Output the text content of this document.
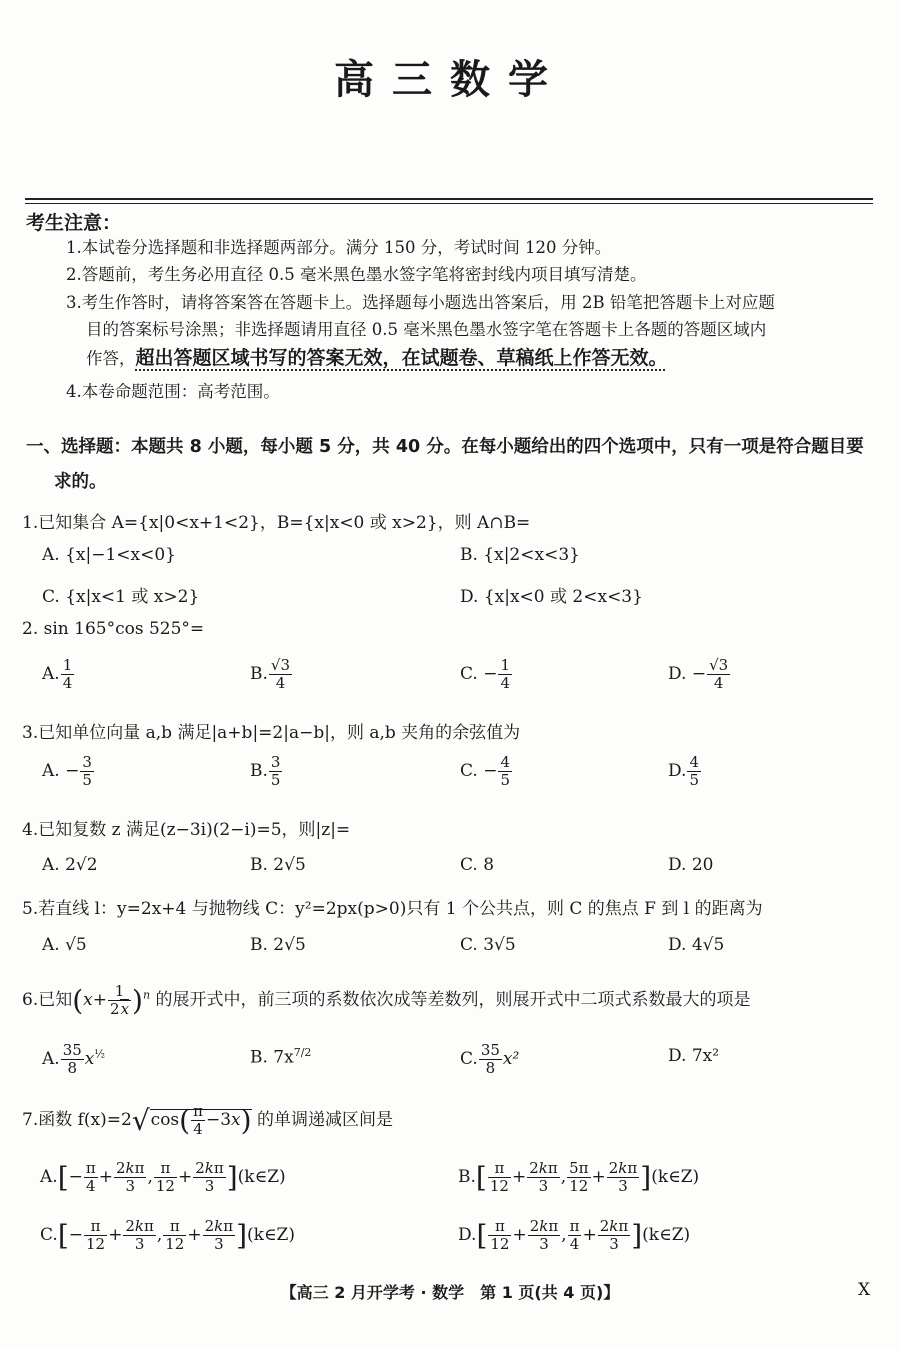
高三数学
考生注意：
1.本试卷分选择题和非选择题两部分。满分 150 分，考试时间 120 分钟。
2.答题前，考生务必用直径 0.5 毫米黑色墨水签字笔将密封线内项目填写清楚。
3.考生作答时，请将答案答在答题卡上。选择题每小题选出答案后，用 2B 铅笔把答题卡上对应题
目的答案标号涂黑；非选择题请用直径 0.5 毫米黑色墨水签字笔在答题卡上各题的答题区域内
作答，超出答题区域书写的答案无效，在试题卷、草稿纸上作答无效。
4.本卷命题范围：高考范围。
一、选择题：本题共 8 小题，每小题 5 分，共 40 分。在每小题给出的四个选项中，只有一项是符合题目要
求的。
1.已知集合 A={x|0<x+1<2}，B={x|x<0 或 x>2}，则 A∩B=
A. {x|−1<x<0}	B. {x|2<x<3}
C. {x|x<1 或 x>2}	D. {x|x<0 或 2<x<3}
2. sin 165°cos 525°=
A. $\frac{1}{4}$	B. $\frac{√3}{4}$	C. − $\frac{1}{4}$	D. − $\frac{√3}{4}$
3.已知单位向量 a,b 满足|a+b|=2|a−b|，则 a,b 夹角的余弦值为
A. − $\frac{3}{5}$	B. $\frac{3}{5}$	C. − $\frac{4}{5}$	D. $\frac{4}{5}$
4.已知复数 z 满足(z−3i)(2−i)=5，则|z|=
A. 2√2	B. 2√5	C. 8	D. 20
5.若直线 l：y=2x+4 与抛物线 C：y²=2px(p>0)只有 1 个公共点，则 C 的焦点 F 到 l 的距离为
A. √5	B. 2√5	C. 3√5	D. 4√5
6.已知$(x+ \frac{1}{2x} )^n$ 的展开式中，前三项的系数依次成等差数列，则展开式中二项式系数最大的项是
A. $\frac{35}{8} x^{\frac{1}{2}}$	B. $7x^{7/2}$	C. $\frac{35}{8} x^2$	D. 7x²
7.函数 $f(x)=2√\cos( \frac{\pi}{4} -3x)$ 的单调递减区间是
$A.[- \frac{\pi}{4} + \frac{2k\pi}{3}$ , $\frac{\pi}{12} + \frac{2k\pi}{3}$ ](k∈Z)	$B.[ \frac{\pi}{12} + \frac{2k\pi}{3}$ , $\frac{5\pi}{12} + \frac{2k\pi}{3}$ ](k∈Z)
$C.[- \frac{\pi}{12} + \frac{2k\pi}{3}$ , $\frac{\pi}{12} + \frac{2k\pi}{3}$ ](k∈Z)	$D.[ \frac{\pi}{12} + \frac{2k\pi}{3}$ , $\frac{\pi}{4} + \frac{2k\pi}{3}$ ](k∈Z)
【高三 2 月开学考 · 数学　第 1 页(共 4 页)】	X
